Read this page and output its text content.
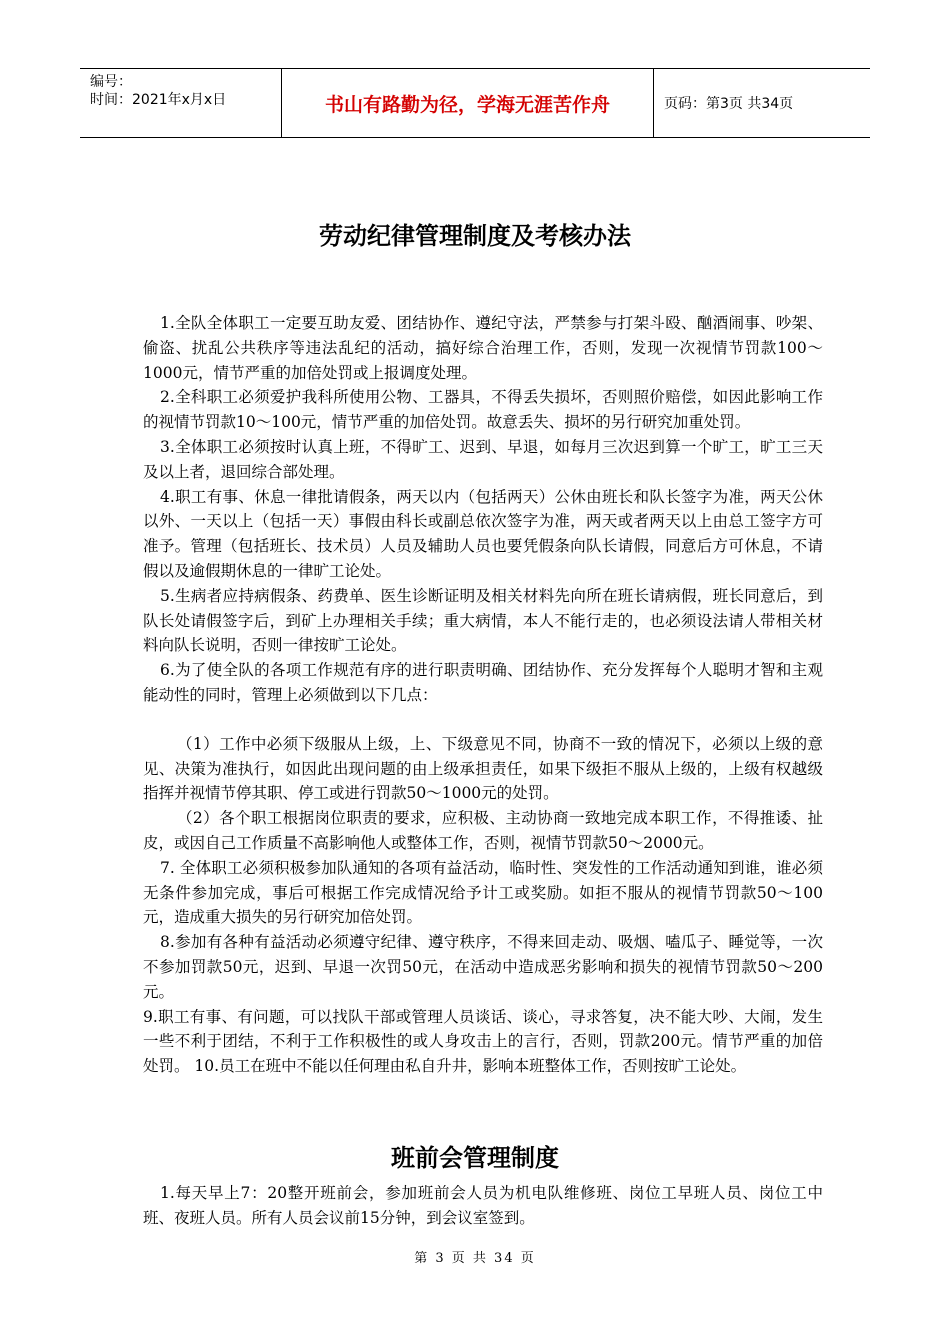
编号：
时间：2021年x月x日	书山有路勤为径，学海无涯苦作舟	页码：第3页 共34页
劳动纪律管理制度及考核办法

1.全队全体职工一定要互助友爱、团结协作、遵纪守法，严禁参与打架斗殴、酗酒闹事、吵架、偷盗、扰乱公共秩序等违法乱纪的活动，搞好综合治理工作，否则，发现一次视情节罚款100～1000元，情节严重的加倍处罚或上报调度处理。

2.全科职工必须爱护我科所使用公物、工器具，不得丢失损坏，否则照价赔偿，如因此影响工作的视情节罚款10～100元，情节严重的加倍处罚。故意丢失、损坏的另行研究加重处罚。

3.全体职工必须按时认真上班，不得旷工、迟到、早退，如每月三次迟到算一个旷工，旷工三天及以上者，退回综合部处理。

4.职工有事、休息一律批请假条，两天以内（包括两天）公休由班长和队长签字为准，两天公休以外、一天以上（包括一天）事假由科长或副总依次签字为准，两天或者两天以上由总工签字方可准予。管理（包括班长、技术员）人员及辅助人员也要凭假条向队长请假，同意后方可休息，不请假以及逾假期休息的一律旷工论处。

5.生病者应持病假条、药费单、医生诊断证明及相关材料先向所在班长请病假，班长同意后，到队长处请假签字后，到矿上办理相关手续；重大病情，本人不能行走的，也必须设法请人带相关材料向队长说明，否则一律按旷工论处。

6.为了使全队的各项工作规范有序的进行职责明确、团结协作、充分发挥每个人聪明才智和主观能动性的同时，管理上必须做到以下几点：

（1）工作中必须下级服从上级，上、下级意见不同，协商不一致的情况下，必须以上级的意见、决策为准执行，如因此出现问题的由上级承担责任，如果下级拒不服从上级的，上级有权越级指挥并视情节停其职、停工或进行罚款50～1000元的处罚。

（2）各个职工根据岗位职责的要求，应积极、主动协商一致地完成本职工作，不得推诿、扯皮，或因自己工作质量不高影响他人或整体工作，否则，视情节罚款50～2000元。

7. 全体职工必须积极参加队通知的各项有益活动，临时性、突发性的工作活动通知到谁，谁必须无条件参加完成，事后可根据工作完成情况给予计工或奖励。如拒不服从的视情节罚款50～100元，造成重大损失的另行研究加倍处罚。

8.参加有各种有益活动必须遵守纪律、遵守秩序，不得来回走动、吸烟、嗑瓜子、睡觉等，一次不参加罚款50元，迟到、早退一次罚50元，在活动中造成恶劣影响和损失的视情节罚款50～200元。

9.职工有事、有问题，可以找队干部或管理人员谈话、谈心，寻求答复，决不能大吵、大闹，发生一些不利于团结，不利于工作积极性的或人身攻击上的言行，否则，罚款200元。情节严重的加倍处罚。 10.员工在班中不能以任何理由私自升井，影响本班整体工作，否则按旷工论处。

班前会管理制度

1.每天早上7：20整开班前会，参加班前会人员为机电队维修班、岗位工早班人员、岗位工中班、夜班人员。所有人员会议前15分钟，到会议室签到。

第 3 页 共 34 页
